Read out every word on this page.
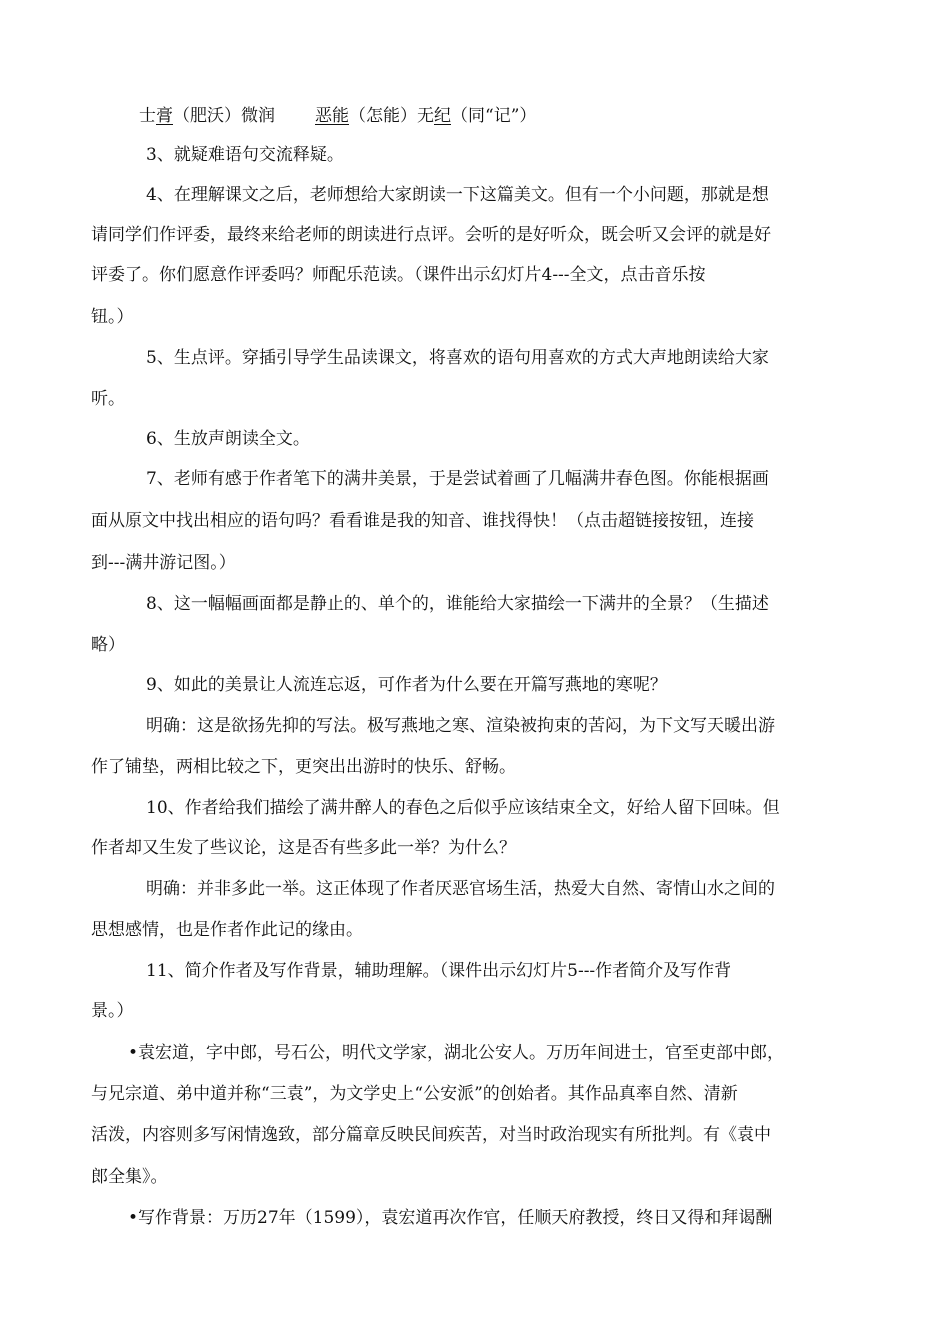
士膏（肥沃）微润 恶能（怎能）无纪（同“记”）
3、就疑难语句交流释疑。
4、在理解课文之后，老师想给大家朗读一下这篇美文。但有一个小问题，那就是想
请同学们作评委，最终来给老师的朗读进行点评。会听的是好听众，既会听又会评的就是好
评委了。你们愿意作评委吗？师配乐范读。（课件出示幻灯片4---全文，点击音乐按
钮。）
5、生点评。穿插引导学生品读课文，将喜欢的语句用喜欢的方式大声地朗读给大家
听。
6、生放声朗读全文。
7、老师有感于作者笔下的满井美景，于是尝试着画了几幅满井春色图。你能根据画
面从原文中找出相应的语句吗？看看谁是我的知音、谁找得快！（点击超链接按钮，连接
到---满井游记图。）
8、这一幅幅画面都是静止的、单个的，谁能给大家描绘一下满井的全景？（生描述
略）
9、如此的美景让人流连忘返，可作者为什么要在开篇写燕地的寒呢？
明确：这是欲扬先抑的写法。极写燕地之寒、渲染被拘束的苦闷，为下文写天暖出游
作了铺垫，两相比较之下，更突出出游时的快乐、舒畅。
10、作者给我们描绘了满井醉人的春色之后似乎应该结束全文，好给人留下回味。但
作者却又生发了些议论，这是否有些多此一举？为什么？
明确：并非多此一举。这正体现了作者厌恶官场生活，热爱大自然、寄情山水之间的
思想感情，也是作者作此记的缘由。
11、简介作者及写作背景，辅助理解。（课件出示幻灯片5---作者简介及写作背
景。）
•袁宏道，字中郎，号石公，明代文学家，湖北公安人。万历年间进士，官至吏部中郎，
与兄宗道、弟中道并称“三袁”，为文学史上“公安派”的创始者。其作品真率自然、清新
活泼，内容则多写闲情逸致，部分篇章反映民间疾苦，对当时政治现实有所批判。有《袁中
郎全集》。
•写作背景：万历27年（1599），袁宏道再次作官，任顺天府教授，终日又得和拜谒酬
